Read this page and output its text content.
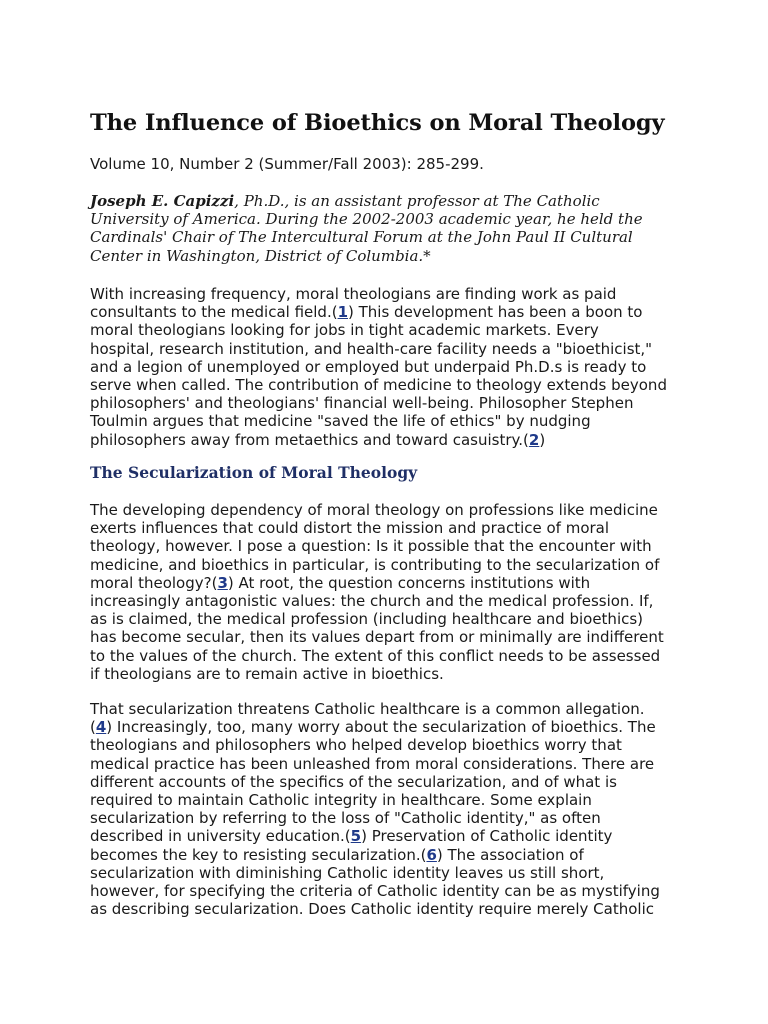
The Influence of Bioethics on Moral Theology

Volume 10, Number 2 (Summer/Fall 2003): 285-299.

Joseph E. Capizzi, Ph.D., is an assistant professor at The Catholic
University of America. During the 2002-2003 academic year, he held the
Cardinals' Chair of The Intercultural Forum at the John Paul II Cultural
Center in Washington, District of Columbia.*

With increasing frequency, moral theologians are finding work as paid
consultants to the medical field.(1) This development has been a boon to
moral theologians looking for jobs in tight academic markets. Every
hospital, research institution, and health-care facility needs a "bioethicist,"
and a legion of unemployed or employed but underpaid Ph.D.s is ready to
serve when called. The contribution of medicine to theology extends beyond
philosophers' and theologians' financial well-being. Philosopher Stephen
Toulmin argues that medicine "saved the life of ethics" by nudging
philosophers away from metaethics and toward casuistry.(2)

The Secularization of Moral Theology

The developing dependency of moral theology on professions like medicine
exerts influences that could distort the mission and practice of moral
theology, however. I pose a question: Is it possible that the encounter with
medicine, and bioethics in particular, is contributing to the secularization of
moral theology?(3) At root, the question concerns institutions with
increasingly antagonistic values: the church and the medical profession. If,
as is claimed, the medical profession (including healthcare and bioethics)
has become secular, then its values depart from or minimally are indifferent
to the values of the church. The extent of this conflict needs to be assessed
if theologians are to remain active in bioethics.

That secularization threatens Catholic healthcare is a common allegation.
(4) Increasingly, too, many worry about the secularization of bioethics. The
theologians and philosophers who helped develop bioethics worry that
medical practice has been unleashed from moral considerations. There are
different accounts of the specifics of the secularization, and of what is
required to maintain Catholic integrity in healthcare. Some explain
secularization by referring to the loss of "Catholic identity," as often
described in university education.(5) Preservation of Catholic identity
becomes the key to resisting secularization.(6) The association of
secularization with diminishing Catholic identity leaves us still short,
however, for specifying the criteria of Catholic identity can be as mystifying
as describing secularization. Does Catholic identity require merely Catholic
